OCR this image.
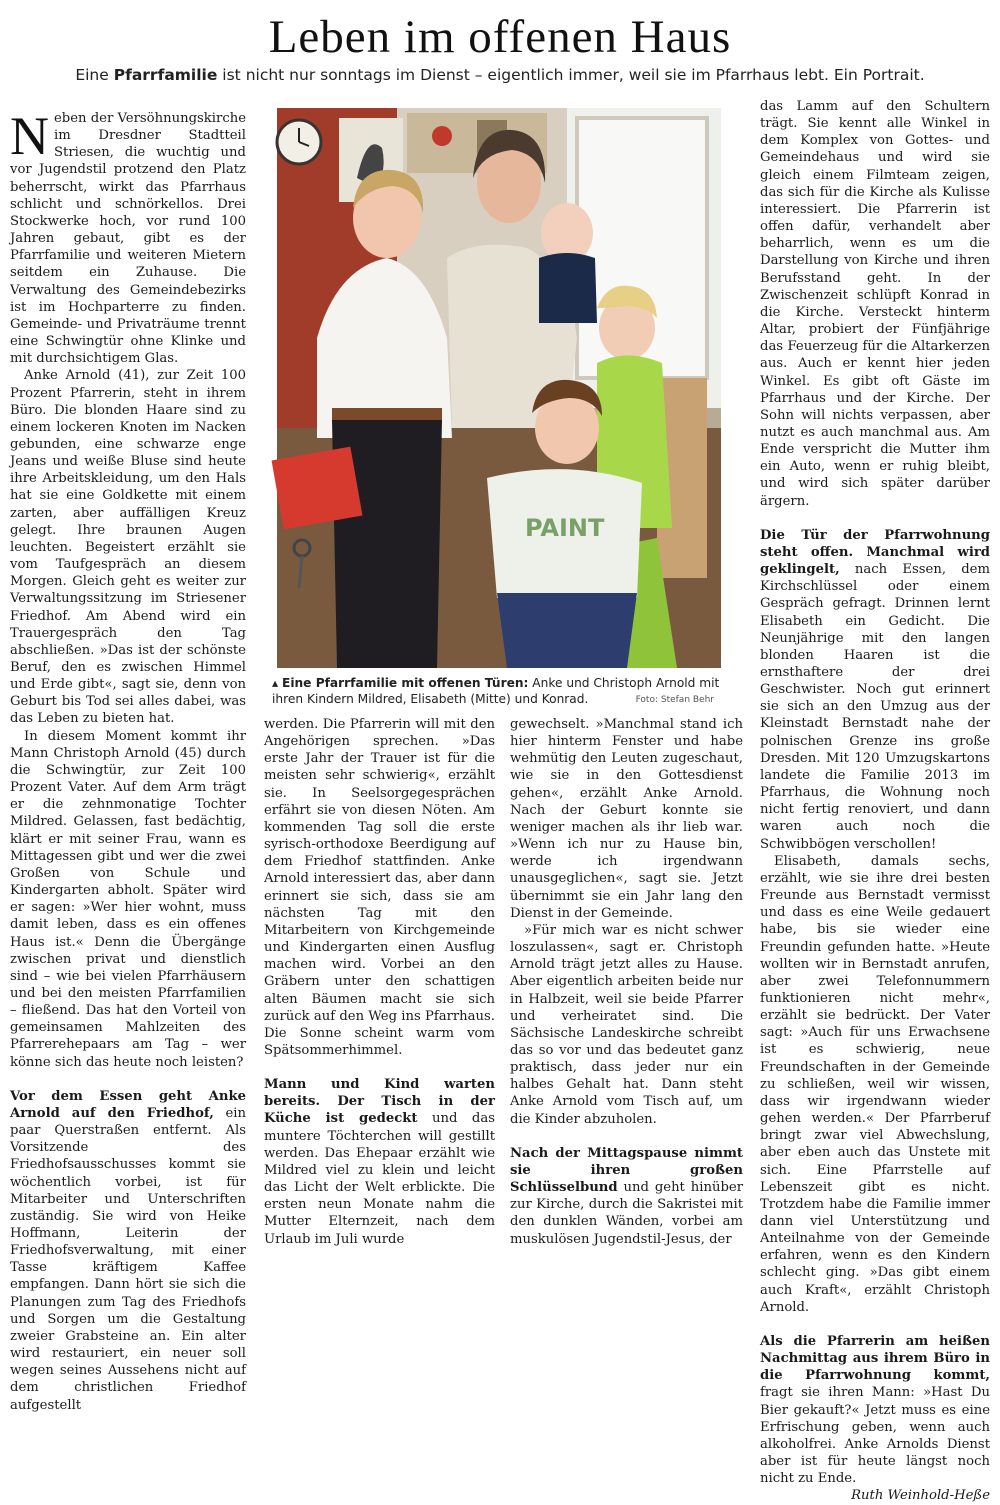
Leben im offenen Haus
Eine Pfarrfamilie ist nicht nur sonntags im Dienst – eigentlich immer, weil sie im Pfarrhaus lebt. Ein Portrait.

Neben der Versöhnungskirche im Dresdner Stadtteil Striesen, die wuchtig und vor Jugendstil protzend den Platz beherrscht, wirkt das Pfarrhaus schlicht und schnörkellos. Drei Stockwerke hoch, vor rund 100 Jahren gebaut, gibt es der Pfarrfamilie und weiteren Mietern seitdem ein Zuhause. Die Verwaltung des Gemeindebezirks ist im Hochparterre zu finden. Gemeinde- und Privaträume trennt eine Schwingtür ohne Klinke und mit durchsichtigem Glas.

Anke Arnold (41), zur Zeit 100 Prozent Pfarrerin, steht in ihrem Büro. Die blonden Haare sind zu einem lockeren Knoten im Nacken gebunden, eine schwarze enge Jeans und weiße Bluse sind heute ihre Arbeitskleidung, um den Hals hat sie eine Goldkette mit einem zarten, aber auffälligen Kreuz gelegt. Ihre braunen Augen leuchten. Begeistert erzählt sie vom Taufgespräch an diesem Morgen. Gleich geht es weiter zur Verwaltungssitzung im Striesener Friedhof. Am Abend wird ein Trauergespräch den Tag abschließen. »Das ist der schönste Beruf, den es zwischen Himmel und Erde gibt«, sagt sie, denn von Geburt bis Tod sei alles dabei, was das Leben zu bieten hat.

In diesem Moment kommt ihr Mann Christoph Arnold (45) durch die Schwingtür, zur Zeit 100 Prozent Vater. Auf dem Arm trägt er die zehnmonatige Tochter Mildred. Gelassen, fast bedächtig, klärt er mit seiner Frau, wann es Mittagessen gibt und wer die zwei Großen von Schule und Kindergarten abholt. Später wird er sagen: »Wer hier wohnt, muss damit leben, dass es ein offenes Haus ist.« Denn die Übergänge zwischen privat und dienstlich sind – wie bei vielen Pfarrhäusern und bei den meisten Pfarrfamilien – fließend. Das hat den Vorteil von gemeinsamen Mahlzeiten des Pfarrerehepaars am Tag – wer könne sich das heute noch leisten?

Vor dem Essen geht Anke Arnold auf den Friedhof, ein paar Querstraßen entfernt. Als Vorsitzende des Friedhofsausschusses kommt sie wöchentlich vorbei, ist für Mitarbeiter und Unterschriften zuständig. Sie wird von Heike Hoffmann, Leiterin der Friedhofsverwaltung, mit einer Tasse kräftigem Kaffee empfangen. Dann hört sie sich die Planungen zum Tag des Friedhofs und Sorgen um die Gestaltung zweier Grabsteine an. Ein alter wird restauriert, ein neuer soll wegen seines Aussehens nicht auf dem christlichen Friedhof aufgestellt

PAINT
▴ Eine Pfarrfamilie mit offenen Türen: Anke und Christoph Arnold mit ihren Kindern Mildred, Elisabeth (Mitte) und Konrad.	Foto: Stefan Behr

werden. Die Pfarrerin will mit den Angehörigen sprechen. »Das erste Jahr der Trauer ist für die meisten sehr schwierig«, erzählt sie. In Seelsorgegesprächen erfährt sie von diesen Nöten. Am kommenden Tag soll die erste syrisch-orthodoxe Beerdigung auf dem Friedhof stattfinden. Anke Arnold interessiert das, aber dann erinnert sie sich, dass sie am nächsten Tag mit den Mitarbeitern von Kirchgemeinde und Kindergarten einen Ausflug machen wird. Vorbei an den Gräbern unter den schattigen alten Bäumen macht sie sich zurück auf den Weg ins Pfarrhaus. Die Sonne scheint warm vom Spätsommerhimmel.

Mann und Kind warten bereits. Der Tisch in der Küche ist gedeckt und das muntere Töchterchen will gestillt werden. Das Ehepaar erzählt wie Mildred viel zu klein und leicht das Licht der Welt erblickte. Die ersten neun Monate nahm die Mutter Elternzeit, nach dem Urlaub im Juli wurde

gewechselt. »Manchmal stand ich hier hinterm Fenster und habe wehmütig den Leuten zugeschaut, wie sie in den Gottesdienst gehen«, erzählt Anke Arnold. Nach der Geburt konnte sie weniger machen als ihr lieb war. »Wenn ich nur zu Hause bin, werde ich irgendwann unausgeglichen«, sagt sie. Jetzt übernimmt sie ein Jahr lang den Dienst in der Gemeinde.

»Für mich war es nicht schwer loszulassen«, sagt er. Christoph Arnold trägt jetzt alles zu Hause. Aber eigentlich arbeiten beide nur in Halbzeit, weil sie beide Pfarrer und verheiratet sind. Die Sächsische Landeskirche schreibt das so vor und das bedeutet ganz praktisch, dass jeder nur ein halbes Gehalt hat. Dann steht Anke Arnold vom Tisch auf, um die Kinder abzuholen.

Nach der Mittagspause nimmt sie ihren großen Schlüsselbund und geht hinüber zur Kirche, durch die Sakristei mit den dunklen Wänden, vorbei am muskulösen Jugendstil-Jesus, der

das Lamm auf den Schultern trägt. Sie kennt alle Winkel in dem Komplex von Gottes- und Gemeindehaus und wird sie gleich einem Filmteam zeigen, das sich für die Kirche als Kulisse interessiert. Die Pfarrerin ist offen dafür, verhandelt aber beharrlich, wenn es um die Darstellung von Kirche und ihren Berufsstand geht. In der Zwischenzeit schlüpft Konrad in die Kirche. Versteckt hinterm Altar, probiert der Fünfjährige das Feuerzeug für die Altarkerzen aus. Auch er kennt hier jeden Winkel. Es gibt oft Gäste im Pfarrhaus und der Kirche. Der Sohn will nichts verpassen, aber nutzt es auch manchmal aus. Am Ende verspricht die Mutter ihm ein Auto, wenn er ruhig bleibt, und wird sich später darüber ärgern.

Die Tür der Pfarrwohnung steht offen. Manchmal wird geklingelt, nach Essen, dem Kirchschlüssel oder einem Gespräch gefragt. Drinnen lernt Elisabeth ein Gedicht. Die Neunjährige mit den langen blonden Haaren ist die ernsthaftere der drei Geschwister. Noch gut erinnert sie sich an den Umzug aus der Kleinstadt Bernstadt nahe der polnischen Grenze ins große Dresden. Mit 120 Umzugskartons landete die Familie 2013 im Pfarrhaus, die Wohnung noch nicht fertig renoviert, und dann waren auch noch die Schwibbögen verschollen!

Elisabeth, damals sechs, erzählt, wie sie ihre drei besten Freunde aus Bernstadt vermisst und dass es eine Weile gedauert habe, bis sie wieder eine Freundin gefunden hatte. »Heute wollten wir in Bernstadt anrufen, aber zwei Telefonnummern funktionieren nicht mehr«, erzählt sie bedrückt. Der Vater sagt: »Auch für uns Erwachsene ist es schwierig, neue Freundschaften in der Gemeinde zu schließen, weil wir wissen, dass wir irgendwann wieder gehen werden.« Der Pfarrberuf bringt zwar viel Abwechslung, aber eben auch das Unstete mit sich. Eine Pfarrstelle auf Lebenszeit gibt es nicht. Trotzdem habe die Familie immer dann viel Unterstützung und Anteilnahme von der Gemeinde erfahren, wenn es den Kindern schlecht ging. »Das gibt einem auch Kraft«, erzählt Christoph Arnold.

Als die Pfarrerin am heißen Nachmittag aus ihrem Büro in die Pfarrwohnung kommt, fragt sie ihren Mann: »Hast Du Bier gekauft?« Jetzt muss es eine Erfrischung geben, wenn auch alkoholfrei. Anke Arnolds Dienst aber ist für heute längst noch nicht zu Ende.

Ruth Weinhold-Heße
